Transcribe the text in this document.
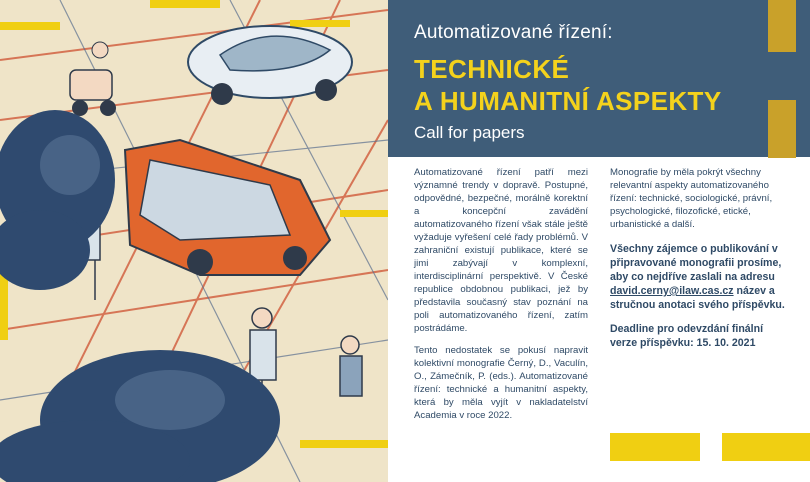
Automatizované řízení:
TECHNICKÉ
A HUMANITNÍ ASPEKTY
Call for papers

Automatizované řízení patří mezi významné trendy v dopravě. Postupné, odpovědné, bezpečné, morálně korektní a koncepční zavádění automatizovaného řízení však stále ještě vyžaduje vyřešení celé řady problémů. V zahraniční existují publikace, které se jimi zabývají v komplexní, interdisciplinární perspektivě. V České republice obdobnou publikaci, jež by představila současný stav poznání na poli automatizovaného řízení, zatím postrádáme.

Tento nedostatek se pokusí napravit kolektivní monografie Černý, D., Vaculín, O., Zámečník, P. (eds.). Automatizované řízení: technické a humanitní aspekty, která by měla vyjít v nakladatelství Academia v roce 2022.

Monografie by měla pokrýt všechny relevantní aspekty automatizovaného řízení: technické, sociologické, právní, psychologické, filozofické, etické, urbanistické a další.

Všechny zájemce o publikování v připravované monografii prosíme, aby co nejdříve zaslali na adresu david.cerny@ilaw.cas.cz název a stručnou anotaci svého příspěvku.

Deadline pro odevzdání finální verze příspěvku: 15. 10. 2021
